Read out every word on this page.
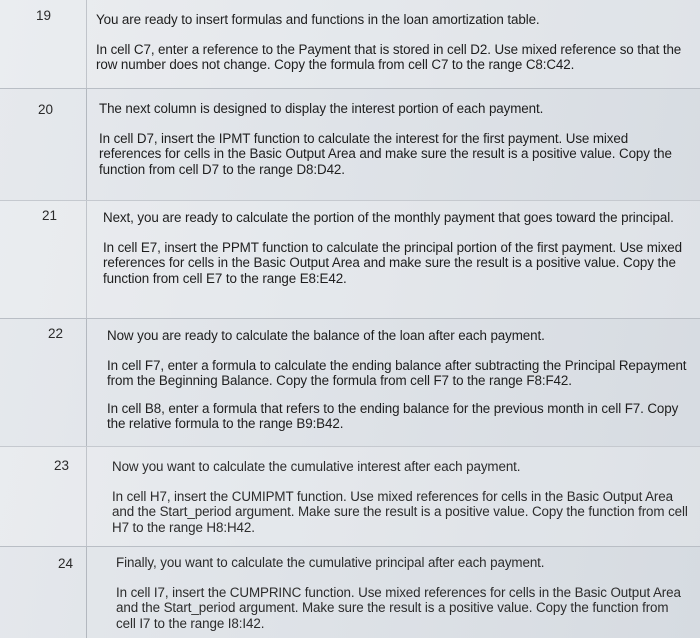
19	You are ready to insert formulas and functions in the loan amortization table.

In cell C7, enter a reference to the Payment that is stored in cell D2. Use mixed reference so that the row number does not change. Copy the formula from cell C7 to the range C8:C42.

20	The next column is designed to display the interest portion of each payment.

In cell D7, insert the IPMT function to calculate the interest for the first payment. Use mixed references for cells in the Basic Output Area and make sure the result is a positive value. Copy the function from cell D7 to the range D8:D42.

21	Next, you are ready to calculate the portion of the monthly payment that goes toward the principal.

In cell E7, insert the PPMT function to calculate the principal portion of the first payment. Use mixed references for cells in the Basic Output Area and make sure the result is a positive value. Copy the function from cell E7 to the range E8:E42.

22	Now you are ready to calculate the balance of the loan after each payment.

In cell F7, enter a formula to calculate the ending balance after subtracting the Principal Repayment from the Beginning Balance. Copy the formula from cell F7 to the range F8:F42.

In cell B8, enter a formula that refers to the ending balance for the previous month in cell F7. Copy the relative formula to the range B9:B42.

23	Now you want to calculate the cumulative interest after each payment.

In cell H7, insert the CUMIPMT function. Use mixed references for cells in the Basic Output Area and the Start_period argument. Make sure the result is a positive value. Copy the function from cell H7 to the range H8:H42.

24	Finally, you want to calculate the cumulative principal after each payment.

In cell I7, insert the CUMPRINC function. Use mixed references for cells in the Basic Output Area and the Start_period argument. Make sure the result is a positive value. Copy the function from cell I7 to the range I8:I42.
